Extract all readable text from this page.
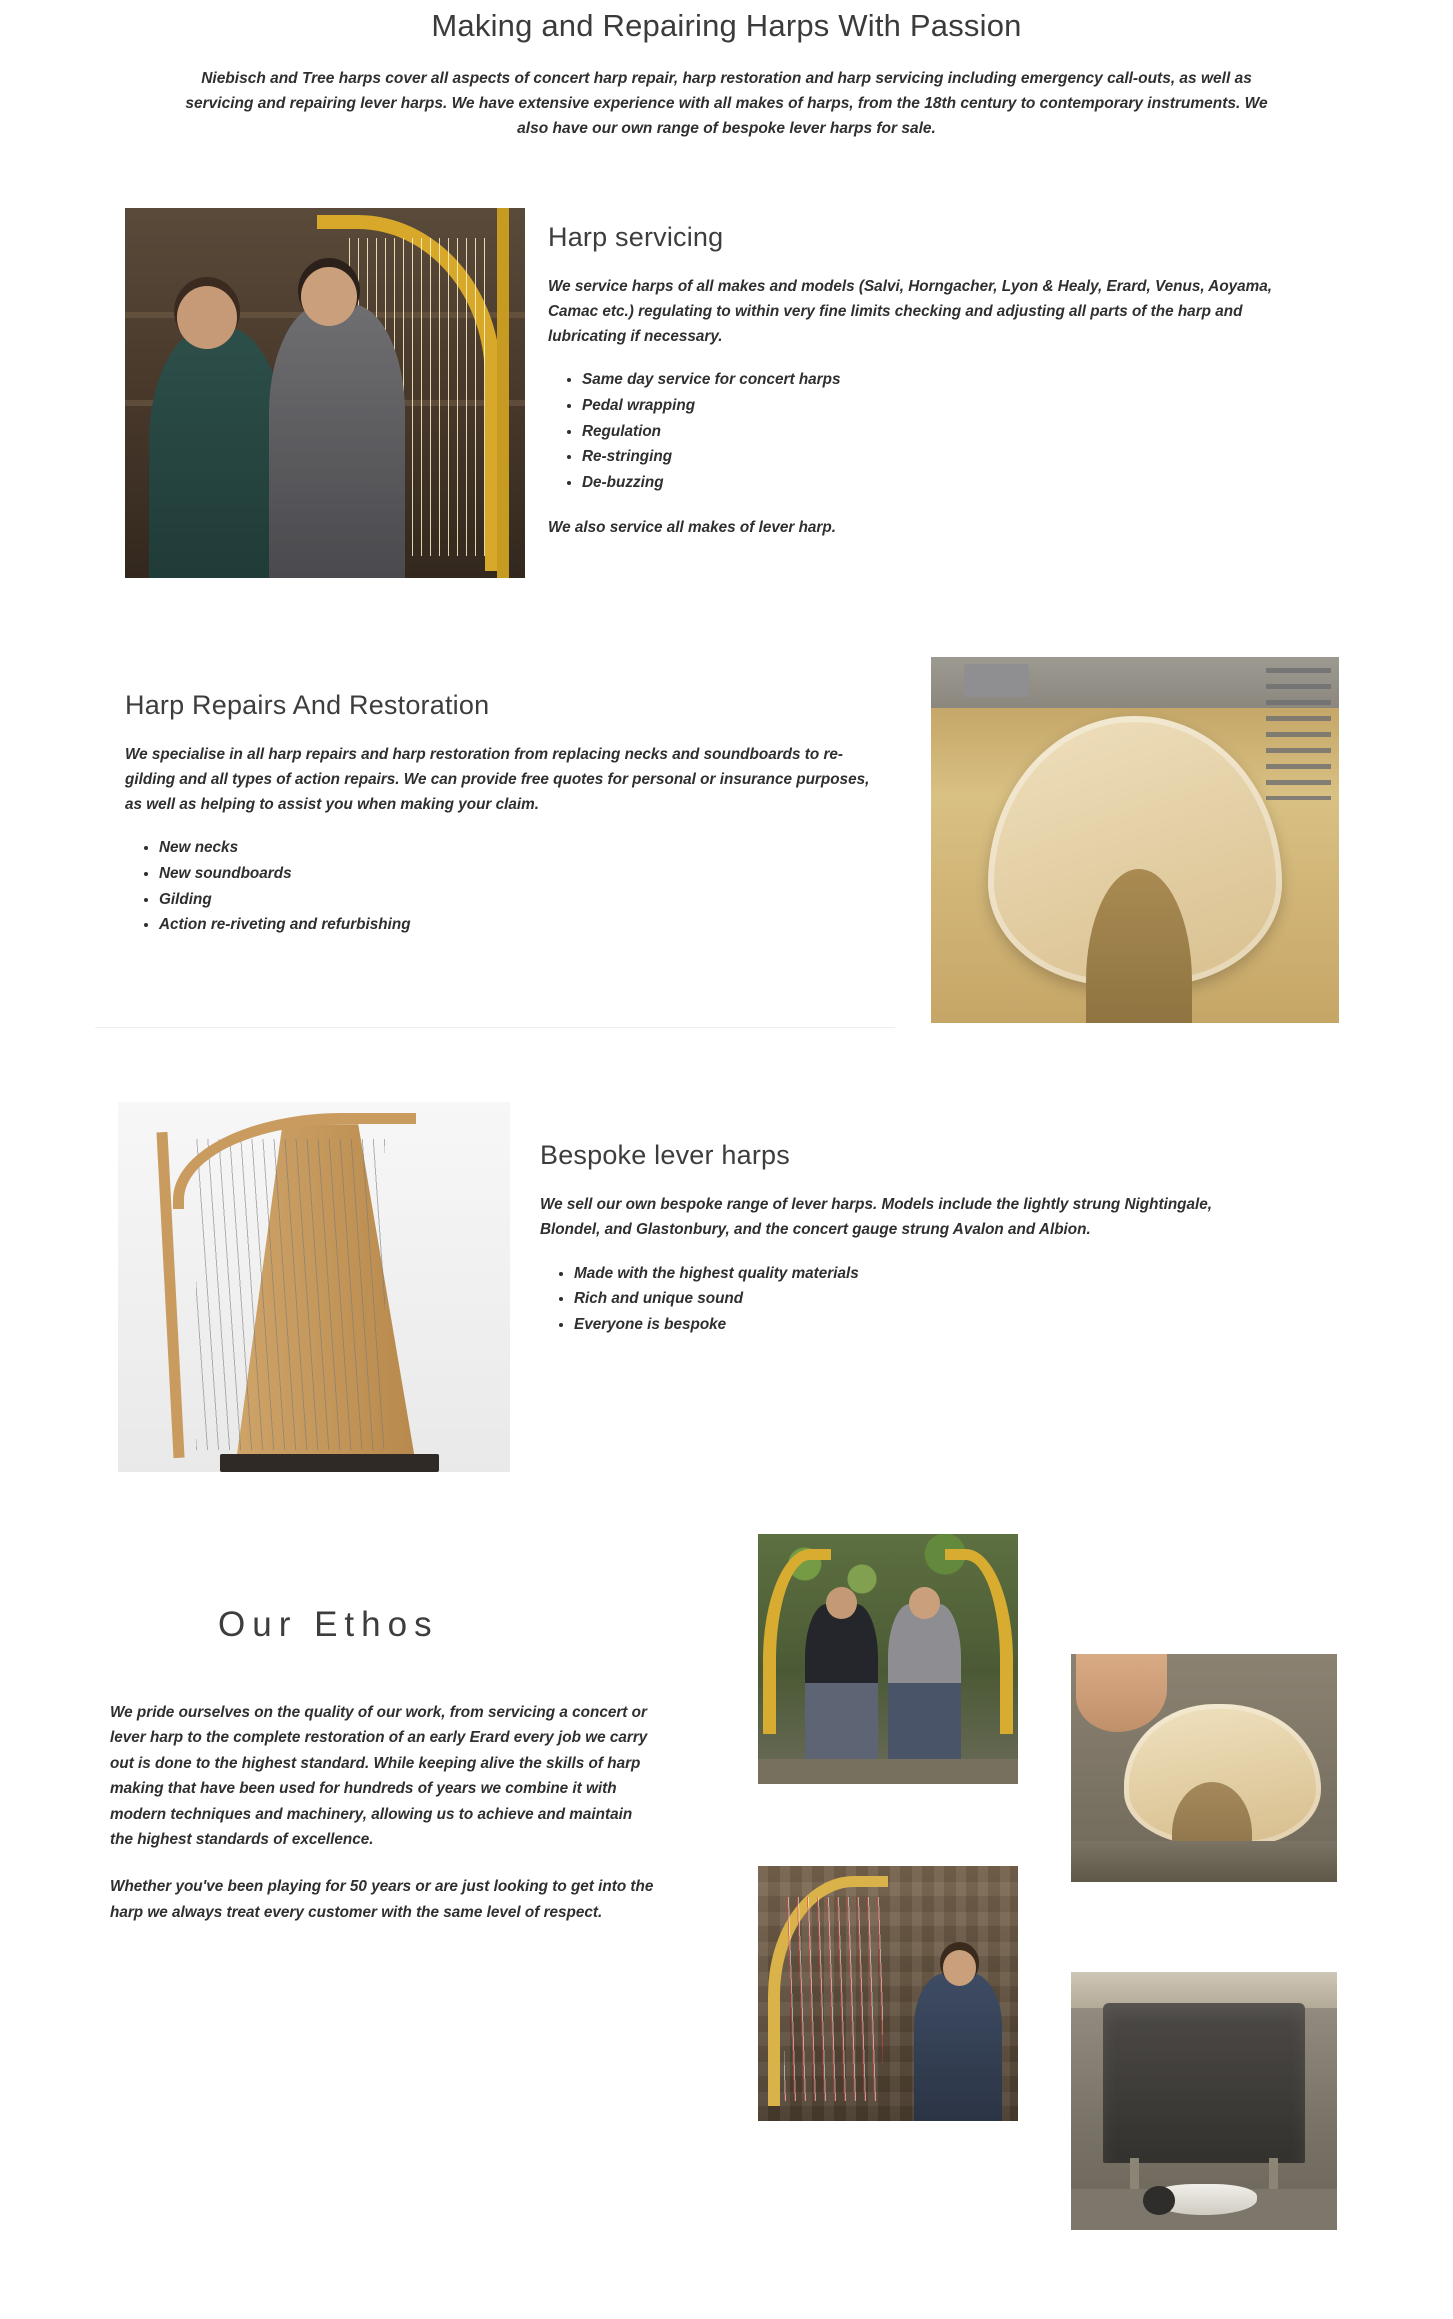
Making and Repairing Harps With Passion

Niebisch and Tree harps cover all aspects of concert harp repair, harp restoration and harp servicing including emergency call-outs, as well as servicing and repairing lever harps. We have extensive experience with all makes of harps, from the 18th century to contemporary instruments. We also have our own range of bespoke lever harps for sale.

Harp servicing

We service harps of all makes and models (Salvi, Horngacher, Lyon & Healy, Erard, Venus, Aoyama, Camac etc.) regulating to within very fine limits checking and adjusting all parts of the harp and lubricating if necessary.

• Same day service for concert harps
• Pedal wrapping
• Regulation
• Re-stringing
• De-buzzing

We also service all makes of lever harp.

Harp Repairs And Restoration

We specialise in all harp repairs and harp restoration from replacing necks and soundboards to re-gilding and all types of action repairs. We can provide free quotes for personal or insurance purposes, as well as helping to assist you when making your claim.

• New necks
• New soundboards
• Gilding
• Action re-riveting and refurbishing
Bespoke lever harps

We sell our own bespoke range of lever harps. Models include the lightly strung Nightingale, Blondel, and Glastonbury, and the concert gauge strung Avalon and Albion.

• Made with the highest quality materials
• Rich and unique sound
• Everyone is bespoke
Our Ethos

We pride ourselves on the quality of our work, from servicing a concert or lever harp to the complete restoration of an early Erard every job we carry out is done to the highest standard. While keeping alive the skills of harp making that have been used for hundreds of years we combine it with modern techniques and machinery, allowing us to achieve and maintain the highest standards of excellence.

Whether you've been playing for 50 years or are just looking to get into the harp we always treat every customer with the same level of respect.
